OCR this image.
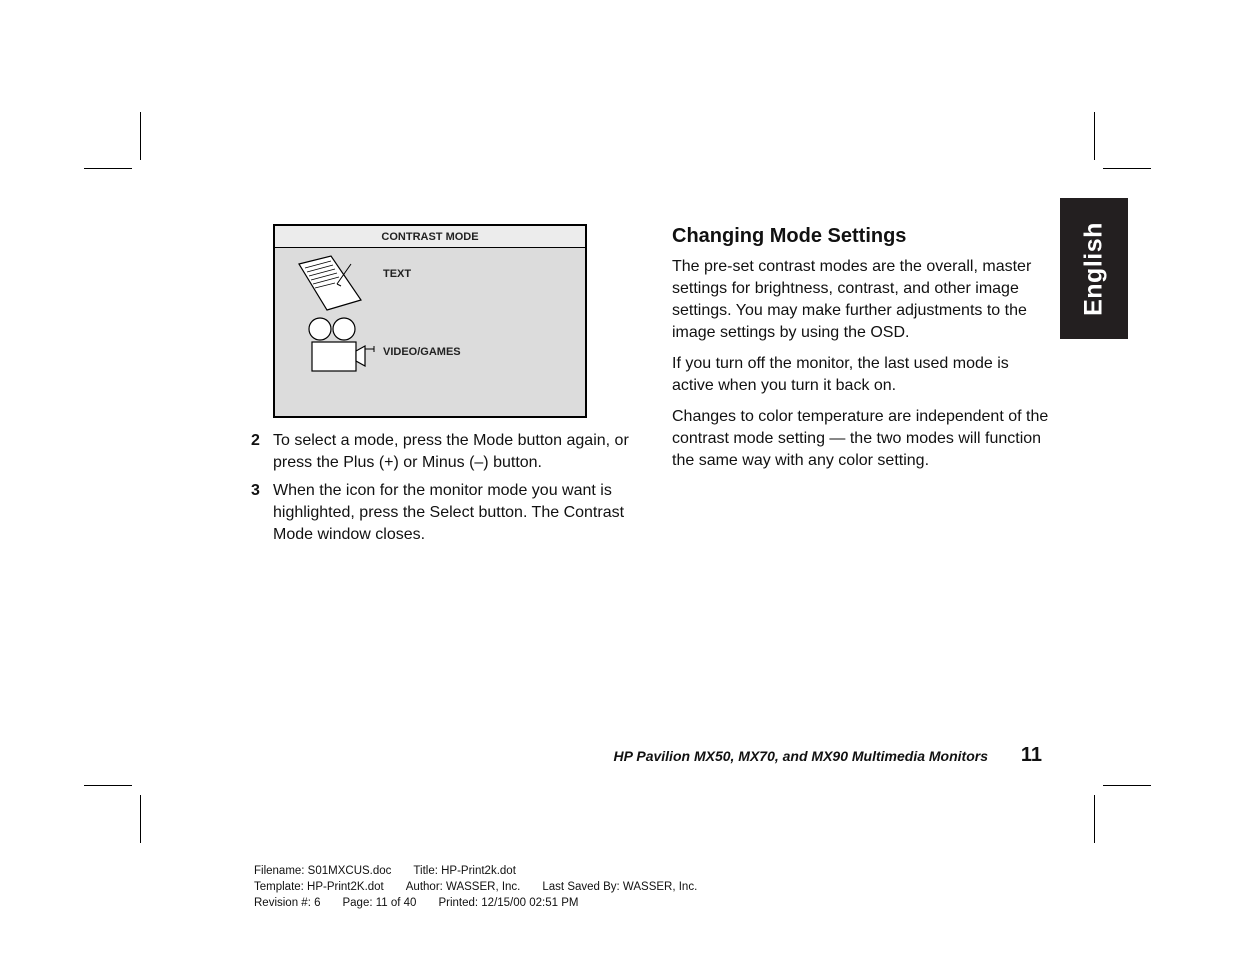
English
CONTRAST MODE
TEXT
VIDEO/GAMES
2 To select a mode, press the Mode button again, or press the Plus (+) or Minus (–) button.
3 When the icon for the monitor mode you want is highlighted, press the Select button. The Contrast Mode window closes.
Changing Mode Settings

The pre-set contrast modes are the overall, master settings for brightness, contrast, and other image settings. You may make further adjustments to the image settings by using the OSD.

If you turn off the monitor, the last used mode is active when you turn it back on.

Changes to color temperature are independent of the contrast mode setting — the two modes will function the same way with any color setting.

HP Pavilion MX50, MX70, and MX90 Multimedia Monitors	11
Filename: S01MXCUS.doc Title: HP-Print2k.dot
Template: HP-Print2K.dot Author: WASSER, Inc. Last Saved By: WASSER, Inc.
Revision #: 6 Page: 11 of 40 Printed: 12/15/00 02:51 PM
